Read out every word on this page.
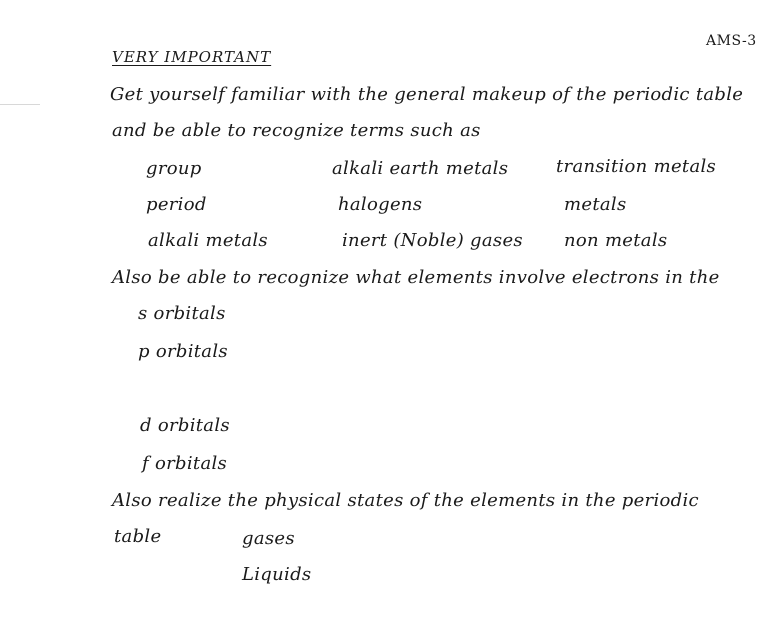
AMS-3
VERY IMPORTANT
Get yourself familiar with the general makeup of the periodic table
and be able to recognize terms such as
group
period
alkali metals
alkali earth metals
halogens
inert (Noble) gases
transition metals
metals
non metals
Also be able to recognize what elements involve electrons in the
s orbitals
p orbitals
d orbitals
f orbitals
Also realize the physical states of the elements in the periodic
table	gases
Liquids
